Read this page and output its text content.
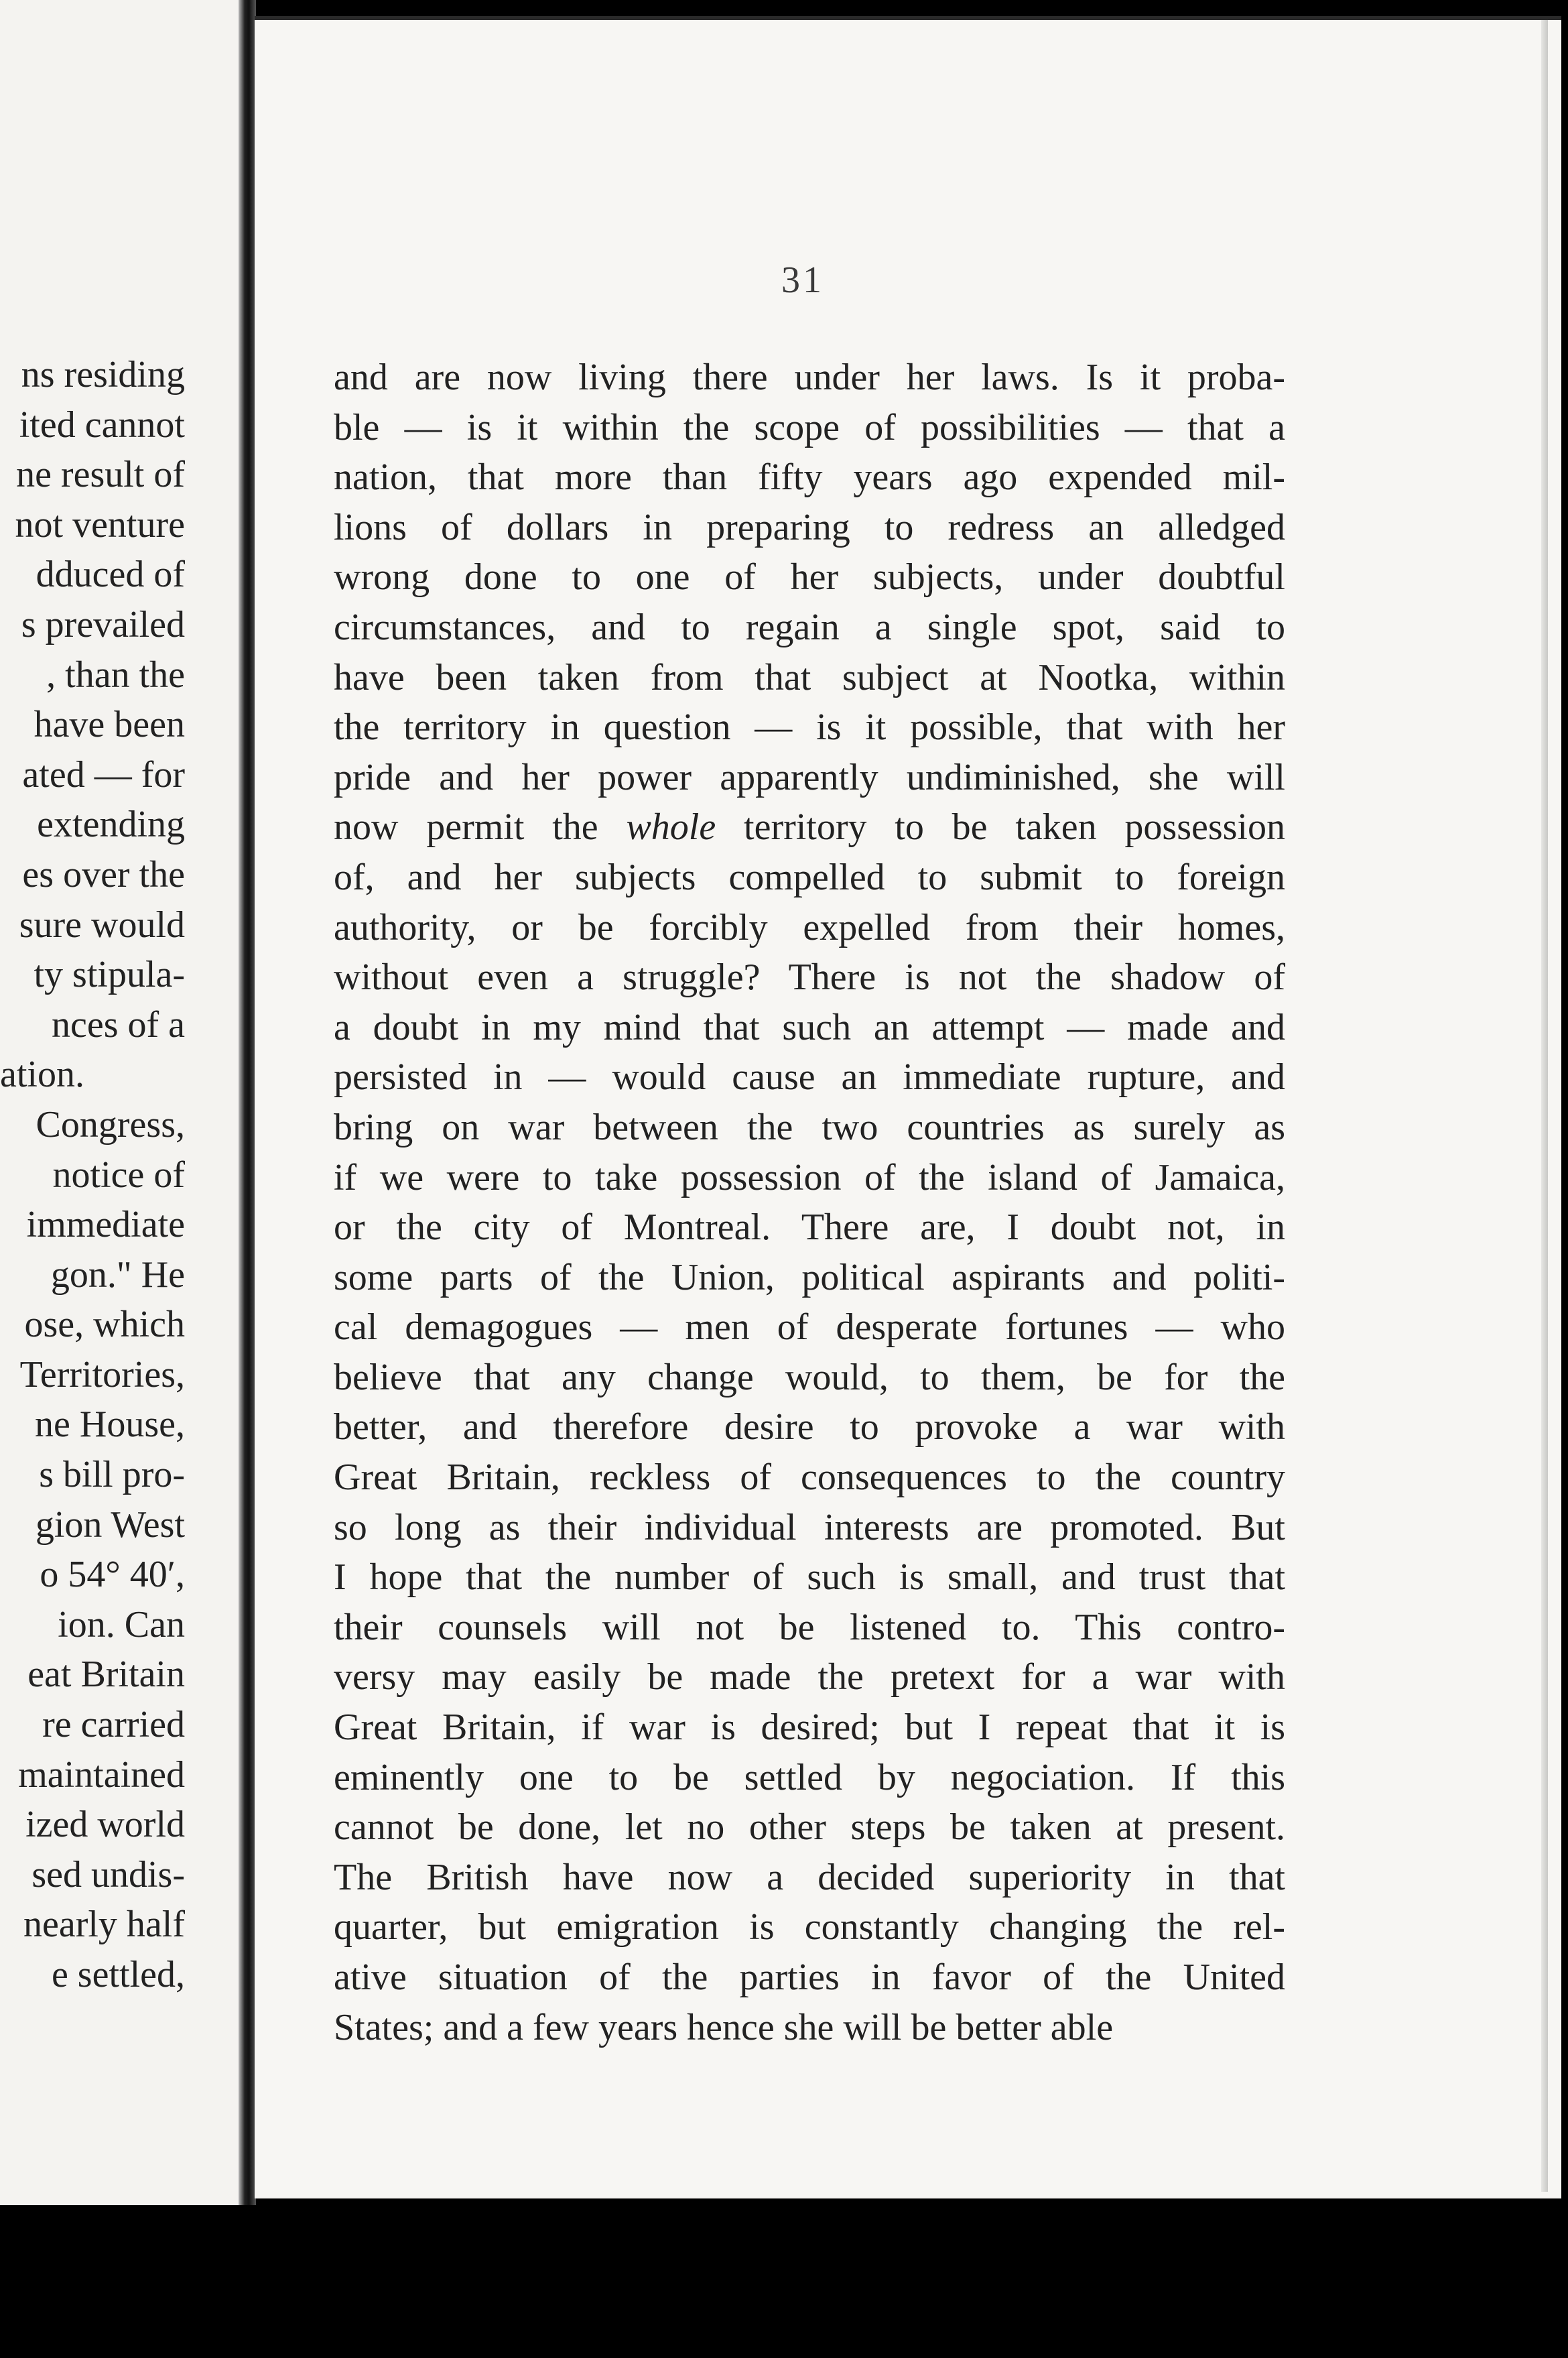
ns residing
ited cannot
ne result of
not venture
dduced of
s prevailed
, than the
have been
ated — for
extending
es over the
sure would
ty stipula-
nces of a
ation.
Congress,
notice of
immediate
gon." He
ose, which
Territories,
ne House,
s bill pro-
gion West
o 54° 40′,
ion. Can
eat Britain
re carried
maintained
ized world
sed undis-
nearly half
e settled,
31
and are now living there under her laws. Is it proba-
ble — is it within the scope of possibilities — that a
nation, that more than fifty years ago expended mil-
lions of dollars in preparing to redress an alledged
wrong done to one of her subjects, under doubtful
circumstances, and to regain a single spot, said to
have been taken from that subject at Nootka, within
the territory in question — is it possible, that with her
pride and her power apparently undiminished, she will
now permit the whole territory to be taken possession
of, and her subjects compelled to submit to foreign
authority, or be forcibly expelled from their homes,
without even a struggle? There is not the shadow of
a doubt in my mind that such an attempt — made and
persisted in — would cause an immediate rupture, and
bring on war between the two countries as surely as
if we were to take possession of the island of Jamaica,
or the city of Montreal. There are, I doubt not, in
some parts of the Union, political aspirants and politi-
cal demagogues — men of desperate fortunes — who
believe that any change would, to them, be for the
better, and therefore desire to provoke a war with
Great Britain, reckless of consequences to the country
so long as their individual interests are promoted. But
I hope that the number of such is small, and trust that
their counsels will not be listened to. This contro-
versy may easily be made the pretext for a war with
Great Britain, if war is desired; but I repeat that it is
eminently one to be settled by negociation. If this
cannot be done, let no other steps be taken at present.
The British have now a decided superiority in that
quarter, but emigration is constantly changing the rel-
ative situation of the parties in favor of the United
States; and a few years hence she will be better able
